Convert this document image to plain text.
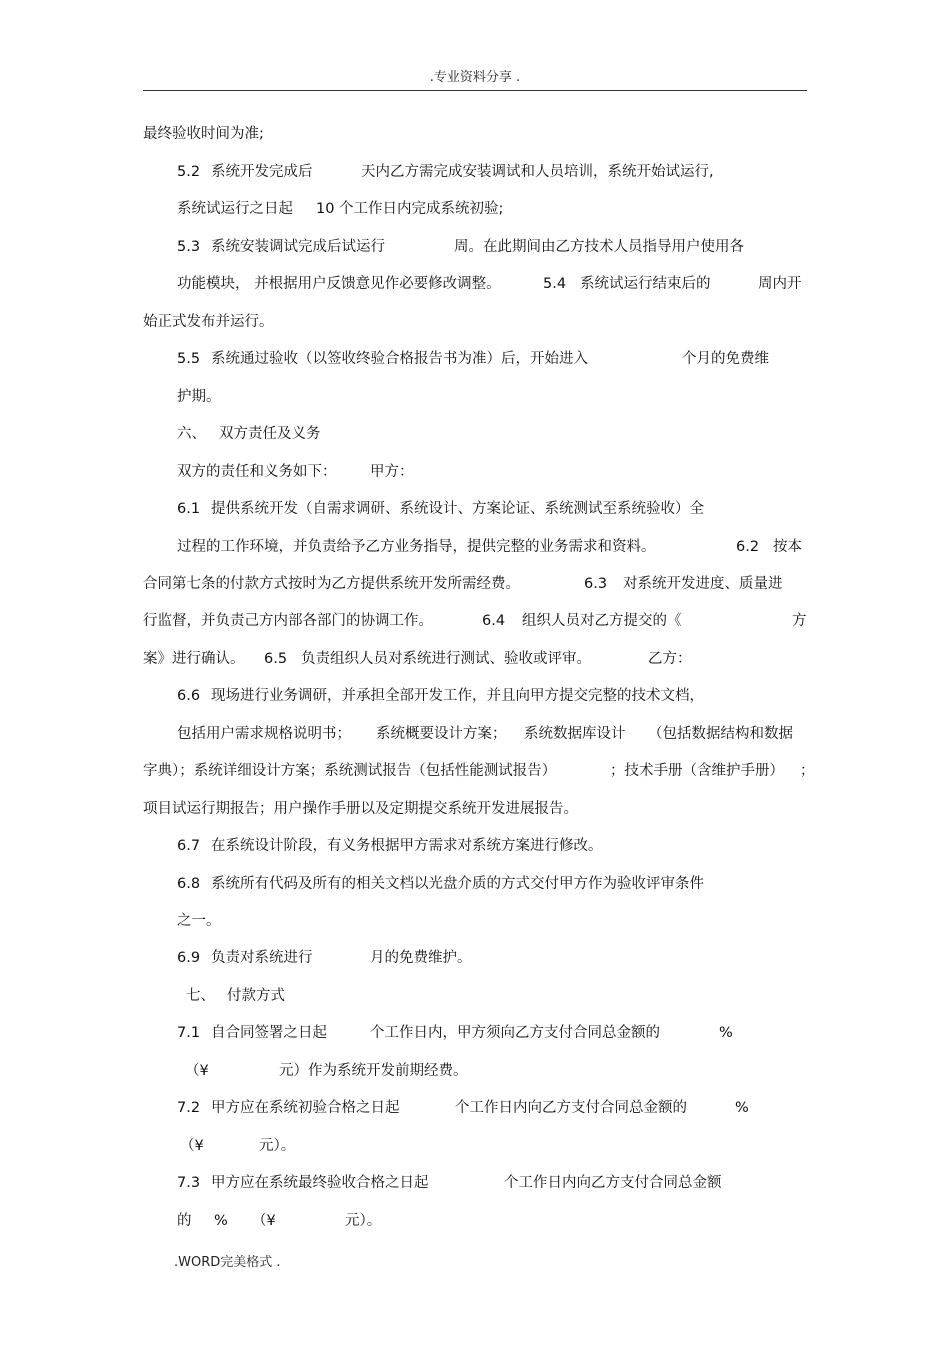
.专业资料分享 .
最终验收时间为准;
5.2 系统开发完成后	天内乙方需完成安装调试和人员培训，系统开始试运行,
系统试运行之日起 10 个工作日内完成系统初验;
5.3 系统安装调试完成后试运行	周。在此期间由乙方技术人员指导用户使用各
功能模块， 并根据用户反馈意见作必要修改调整。	5.4 系统试运行结束后的	周内开
始正式发布并运行。
5.5 系统通过验收（以签收终验合格报告书为准）后，开始进入	个月的免费维
护期。
六、 双方责任及义务
双方的责任和义务如下： 甲方：
6.1 提供系统开发（自需求调研、系统设计、方案论证、系统测试至系统验收）全
过程的工作环境，并负责给予乙方业务指导，提供完整的业务需求和资料。	6.2 按本
合同第七条的付款方式按时为乙方提供系统开发所需经费。	6.3 对系统开发进度、质量进
行监督，并负责己方内部各部门的协调工作。	6.4 组织人员对乙方提交的《	方
案》进行确认。 6.5 负责组织人员对系统进行测试、验收或评审。	乙方：
6.6 现场进行业务调研，并承担全部开发工作，并且向甲方提交完整的技术文档，
包括用户需求规格说明书； 系统概要设计方案； 系统数据库设计 （包括数据结构和数据
字典）；系统详细设计方案；系统测试报告（包括性能测试报告）	；技术手册（含维护手册） ；
项目试运行期报告；用户操作手册以及定期提交系统开发进展报告。
6.7 在系统设计阶段，有义务根据甲方需求对系统方案进行修改。
6.8 系统所有代码及所有的相关文档以光盘介质的方式交付甲方作为验收评审条件
之一。
6.9 负责对系统进行	月的免费维护。
七、 付款方式
7.1 自合同签署之日起	个工作日内，甲方须向乙方支付合同总金额的	%
（¥	元）作为系统开发前期经费。
7.2 甲方应在系统初验合格之日起	个工作日内向乙方支付合同总金额的	%
（¥	元）。
7.3 甲方应在系统最终验收合格之日起	个工作日内向乙方支付合同总金额
的 % （¥	元）。
.WORD完美格式 .
